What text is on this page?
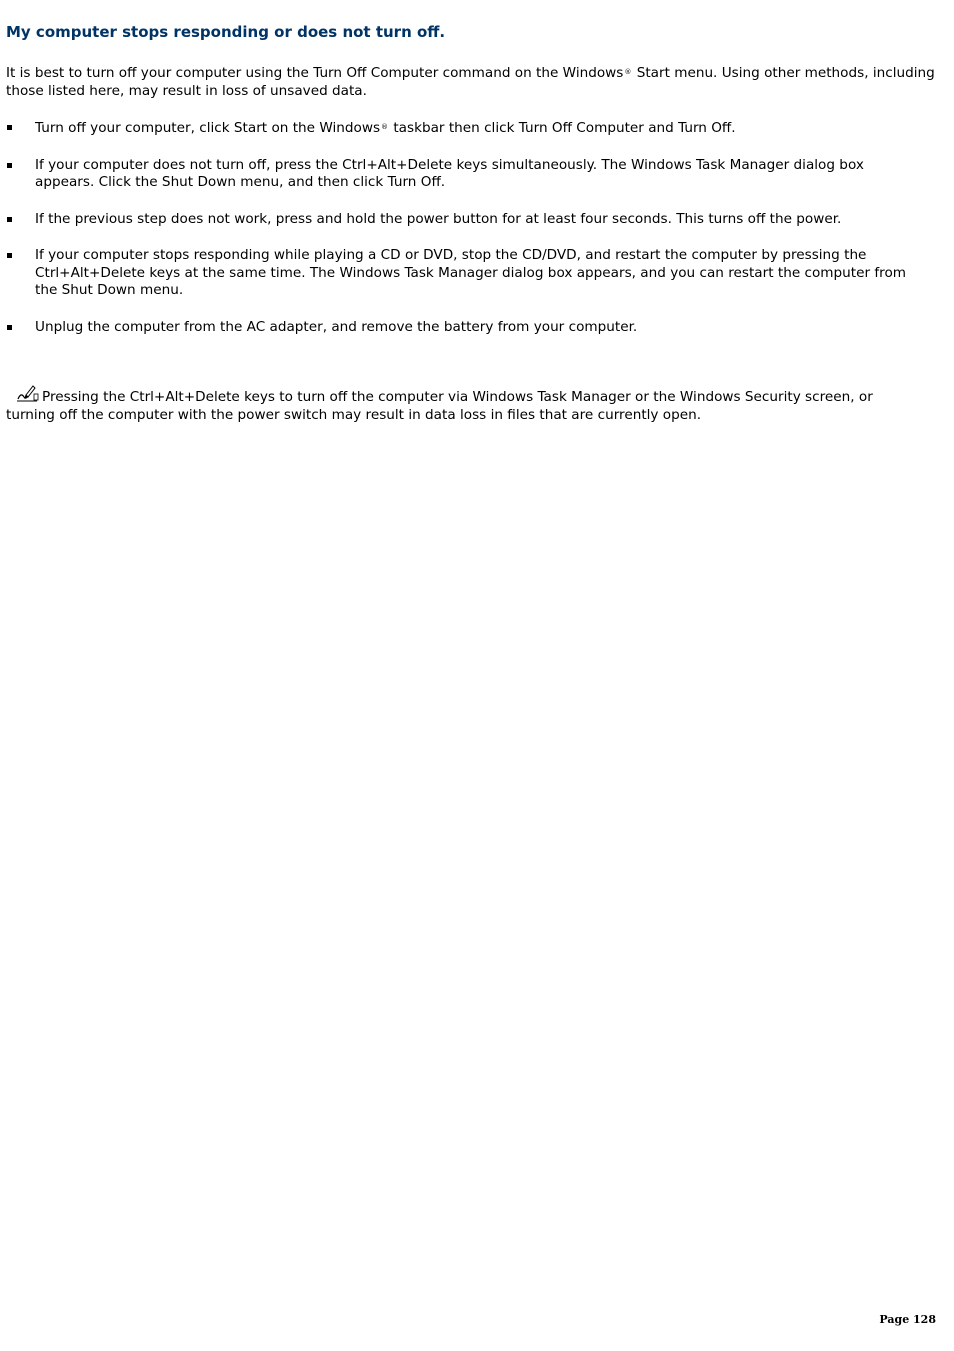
My computer stops responding or does not turn off.

It is best to turn off your computer using the Turn Off Computer command on the Windows® Start menu. Using other methods, including those listed here, may result in loss of unsaved data.

Turn off your computer, click Start on the Windows® taskbar then click Turn Off Computer and Turn Off.
If your computer does not turn off, press the Ctrl+Alt+Delete keys simultaneously. The Windows Task Manager dialog box appears. Click the Shut Down menu, and then click Turn Off.
If the previous step does not work, press and hold the power button for at least four seconds. This turns off the power.
If your computer stops responding while playing a CD or DVD, stop the CD/DVD, and restart the computer by pressing the Ctrl+Alt+Delete keys at the same time. The Windows Task Manager dialog box appears, and you can restart the computer from the Shut Down menu.
Unplug the computer from the AC adapter, and remove the battery from your computer.

Pressing the Ctrl+Alt+Delete keys to turn off the computer via Windows Task Manager or the Windows Security screen, or turning off the computer with the power switch may result in data loss in files that are currently open.

Page 128
